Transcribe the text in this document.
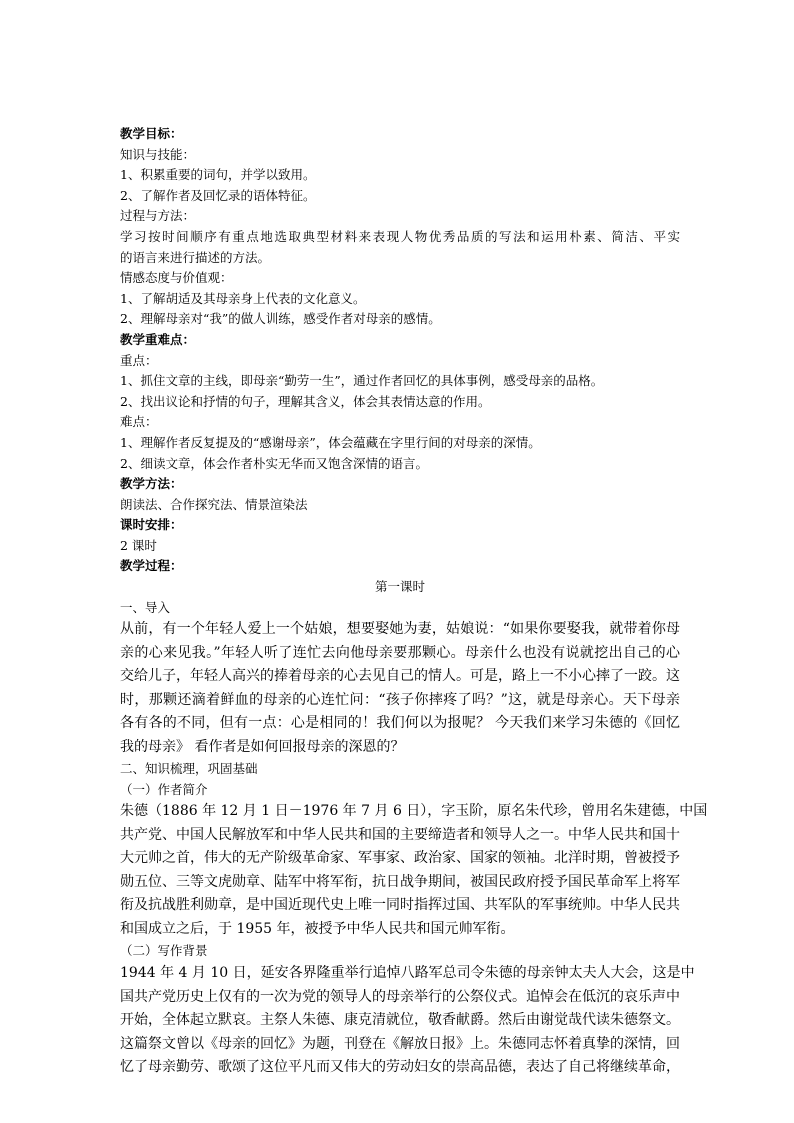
教学目标：
知识与技能：
1、积累重要的词句，并学以致用。
2、了解作者及回忆录的语体特征。
过程与方法：
学习按时间顺序有重点地选取典型材料来表现人物优秀品质的写法和运用朴素、简洁、平实
的语言来进行描述的方法。
情感态度与价值观：
1、了解胡适及其母亲身上代表的文化意义。
2、理解母亲对“我”的做人训练，感受作者对母亲的感情。
教学重难点：
重点：
1、抓住文章的主线，即母亲“勤劳一生”，通过作者回忆的具体事例，感受母亲的品格。
2、找出议论和抒情的句子，理解其含义，体会其表情达意的作用。
难点：
1、理解作者反复提及的“感谢母亲”，体会蕴藏在字里行间的对母亲的深情。
2、细读文章，体会作者朴实无华而又饱含深情的语言。
教学方法：
朗读法、合作探究法、情景渲染法
课时安排：
2 课时
教学过程：
第一课时
一、导入
从前，有一个年轻人爱上一个姑娘，想要娶她为妻，姑娘说：“如果你要娶我，就带着你母
亲的心来见我。”年轻人听了连忙去向他母亲要那颗心。母亲什么也没有说就挖出自己的心
交给儿子，年轻人高兴的捧着母亲的心去见自己的情人。可是，路上一不小心摔了一跤。这
时，那颗还滴着鲜血的母亲的心连忙问：“孩子你摔疼了吗？”这，就是母亲心。天下母亲
各有各的不同，但有一点：心是相同的！我们何以为报呢？ 今天我们来学习朱德的《回忆
我的母亲》 看作者是如何回报母亲的深恩的？
二、知识梳理，巩固基础
（一）作者简介
朱德（1886 年 12 月 1 日－1976 年 7 月 6 日），字玉阶，原名朱代珍，曾用名朱建德，中国
共产党、中国人民解放军和中华人民共和国的主要缔造者和领导人之一。中华人民共和国十
大元帅之首，伟大的无产阶级革命家、军事家、政治家、国家的领袖。北洋时期，曾被授予
勋五位、三等文虎勋章、陆军中将军衔，抗日战争期间，被国民政府授予国民革命军上将军
衔及抗战胜利勋章，是中国近现代史上唯一同时指挥过国、共军队的军事统帅。中华人民共
和国成立之后，于 1955 年，被授予中华人民共和国元帅军衔。
（二）写作背景
1944 年 4 月 10 日，延安各界隆重举行追悼八路军总司令朱德的母亲钟太夫人大会，这是中
国共产党历史上仅有的一次为党的领导人的母亲举行的公祭仪式。追悼会在低沉的哀乐声中
开始，全体起立默哀。主祭人朱德、康克清就位，敬香献爵。然后由谢觉哉代读朱德祭文。
这篇祭文曾以《母亲的回忆》为题，刊登在《解放日报》上。朱德同志怀着真挚的深情，回
忆了母亲勤劳、歌颂了这位平凡而又伟大的劳动妇女的崇高品德，表达了自己将继续革命，
